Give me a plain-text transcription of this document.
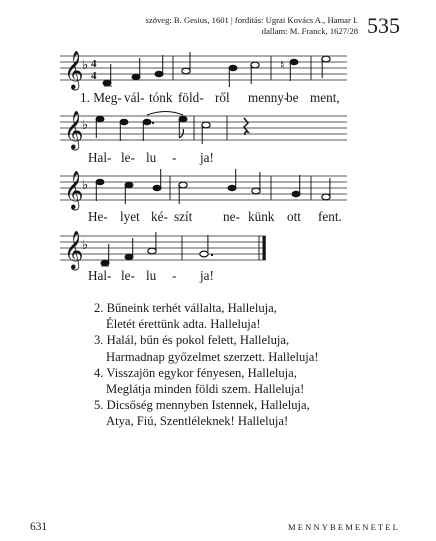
szöveg: B. Gesius, 1601 | fordítás: Ugrai Kovács A., Hamar I.
dallam: M. Franck, 1627/28 535
𝄞
♭ 4
4
♮
1. Meg- vál- tónk föld- ről menny-
be ment,
𝄞
♭
Hal- le- lu - ja!
𝄞
♭
He- lyet ké- szít ne- künk ott fent.
𝄞
♭
Hal- le- lu - ja!
2. Bűneink terhét vállalta, Halleluja,
Életét érettünk adta. Halleluja!
3. Halál, bűn és pokol felett, Halleluja,
Harmadnap győzelmet szerzett. Halleluja!
4. Visszajön egykor fényesen, Halleluja,
Meglátja minden földi szem. Halleluja!
5. Dicsőség mennyben Istennek, Halleluja,
Atya, Fiú, Szentléleknek! Halleluja!
631	MENNYBEMENETEL
